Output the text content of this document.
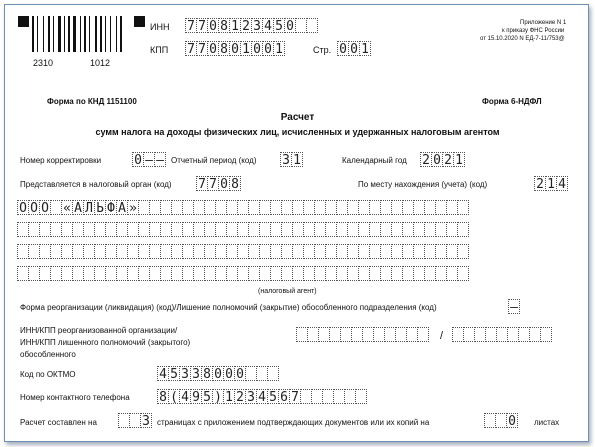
2310	1012
ИНН 7 7 0 8 1 2 3 4 5 0
КПП 7 7 0 8 0 1 0 0 1	Стр. 0 0 1
Приложение N 1
к приказу ФНС России
от 15.10.2020 N ЕД-7-11/753@
Форма по КНД 1151100	Форма 6-НДФЛ
Расчет
сумм налога на доходы физических лиц, исчисленных и удержанных налоговым агентом
Номер корректировки	0 – – Отчетный период (код) 3 1	Календарный год 2 0 2 1
Представляется в налоговый орган (код) 7 7 0 8	По месту нахождения (учета) (код)	2 1 4
О О О « А Л Ь Ф А »
(налоговый агент)
Форма реорганизации (ликвидация) (код)/Лишение полномочий (закрытие) обособленного подразделения (код)	–
ИНН/КПП реорганизованной организации/
ИНН/КПП лишенного полномочий (закрытого)
обособленного
/
Код по ОКТМО	4 5 3 3 8 0 0 0
Номер контактного телефона 8 ( 4 9 5 ) 1 2 3 4 5 6 7
Расчет составлен на	3 страницах с приложением подтверждающих документов или их копий на	0 листах
